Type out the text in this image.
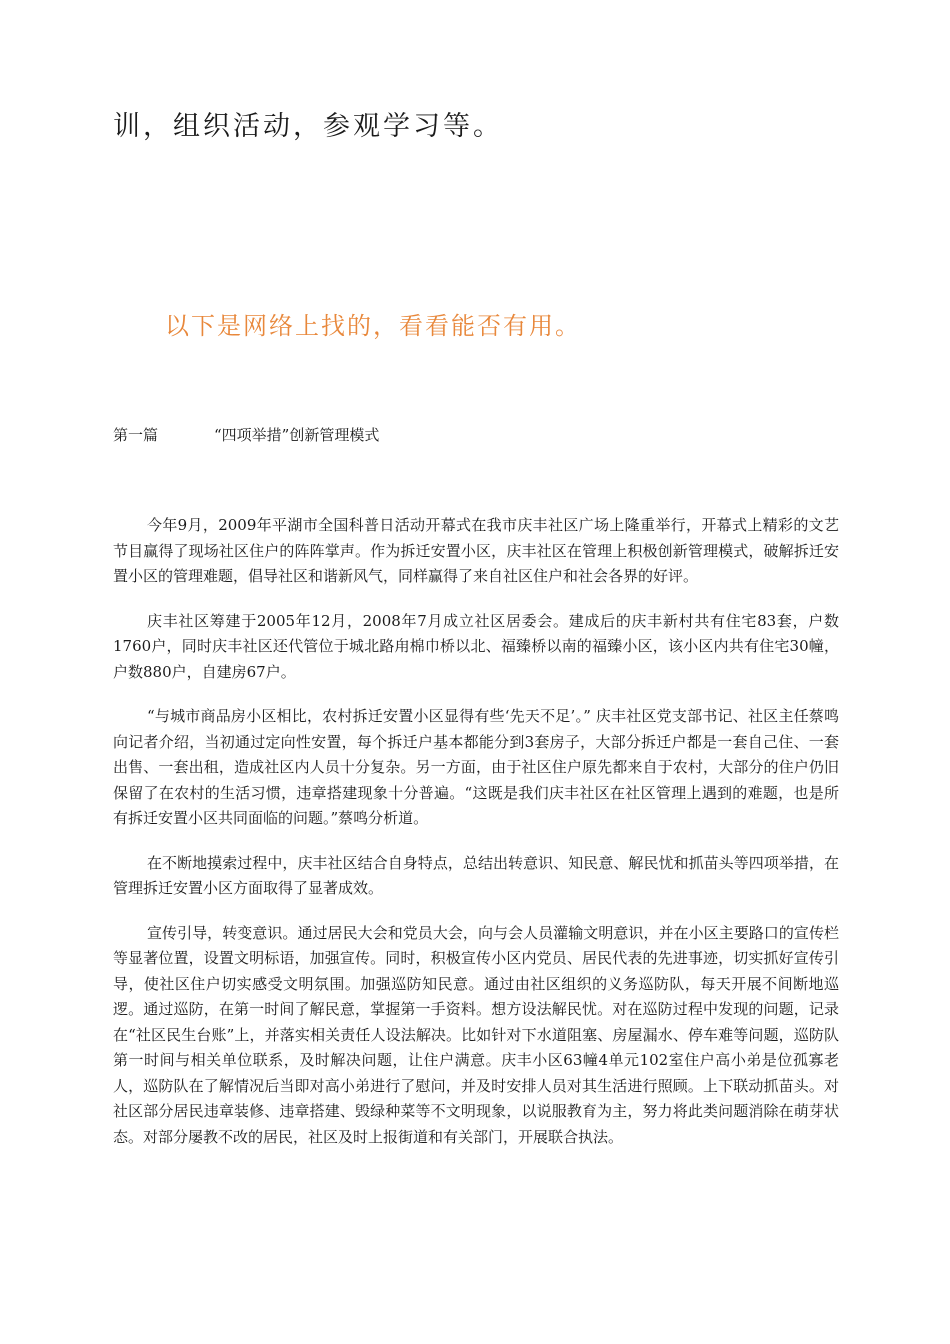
训，组织活动，参观学习等。
以下是网络上找的，看看能否有用。
第一篇	“四项举措”创新管理模式

今年9月，2009年平湖市全国科普日活动开幕式在我市庆丰社区广场上隆重举行，开幕式上精彩的文艺节目赢得了现场社区住户的阵阵掌声。作为拆迁安置小区，庆丰社区在管理上积极创新管理模式，破解拆迁安置小区的管理难题，倡导社区和谐新风气，同样赢得了来自社区住户和社会各界的好评。

庆丰社区筹建于2005年12月，2008年7月成立社区居委会。建成后的庆丰新村共有住宅83套，户数1760户，同时庆丰社区还代管位于城北路甪棉巾桥以北、福臻桥以南的福臻小区，该小区内共有住宅30幢，户数880户，自建房67户。

“与城市商品房小区相比，农村拆迁安置小区显得有些‘先天不足’。” 庆丰社区党支部书记、社区主任蔡鸣向记者介绍，当初通过定向性安置，每个拆迁户基本都能分到3套房子，大部分拆迁户都是一套自己住、一套出售、一套出租，造成社区内人员十分复杂。另一方面，由于社区住户原先都来自于农村，大部分的住户仍旧保留了在农村的生活习惯，违章搭建现象十分普遍。“这既是我们庆丰社区在社区管理上遇到的难题，也是所有拆迁安置小区共同面临的问题。”蔡鸣分析道。

在不断地摸索过程中，庆丰社区结合自身特点，总结出转意识、知民意、解民忧和抓苗头等四项举措，在管理拆迁安置小区方面取得了显著成效。

宣传引导，转变意识。通过居民大会和党员大会，向与会人员灌输文明意识，并在小区主要路口的宣传栏等显著位置，设置文明标语，加强宣传。同时，积极宣传小区内党员、居民代表的先进事迹，切实抓好宣传引导，使社区住户切实感受文明氛围。加强巡防知民意。通过由社区组织的义务巡防队，每天开展不间断地巡逻。通过巡防，在第一时间了解民意，掌握第一手资料。想方设法解民忧。对在巡防过程中发现的问题，记录在“社区民生台账”上，并落实相关责任人设法解决。比如针对下水道阻塞、房屋漏水、停车难等问题，巡防队第一时间与相关单位联系，及时解决问题，让住户满意。庆丰小区63幢4单元102室住户高小弟是位孤寡老人，巡防队在了解情况后当即对高小弟进行了慰问，并及时安排人员对其生活进行照顾。上下联动抓苗头。对社区部分居民违章装修、违章搭建、毁绿种菜等不文明现象，以说服教育为主，努力将此类问题消除在萌芽状态。对部分屡教不改的居民，社区及时上报街道和有关部门，开展联合执法。
